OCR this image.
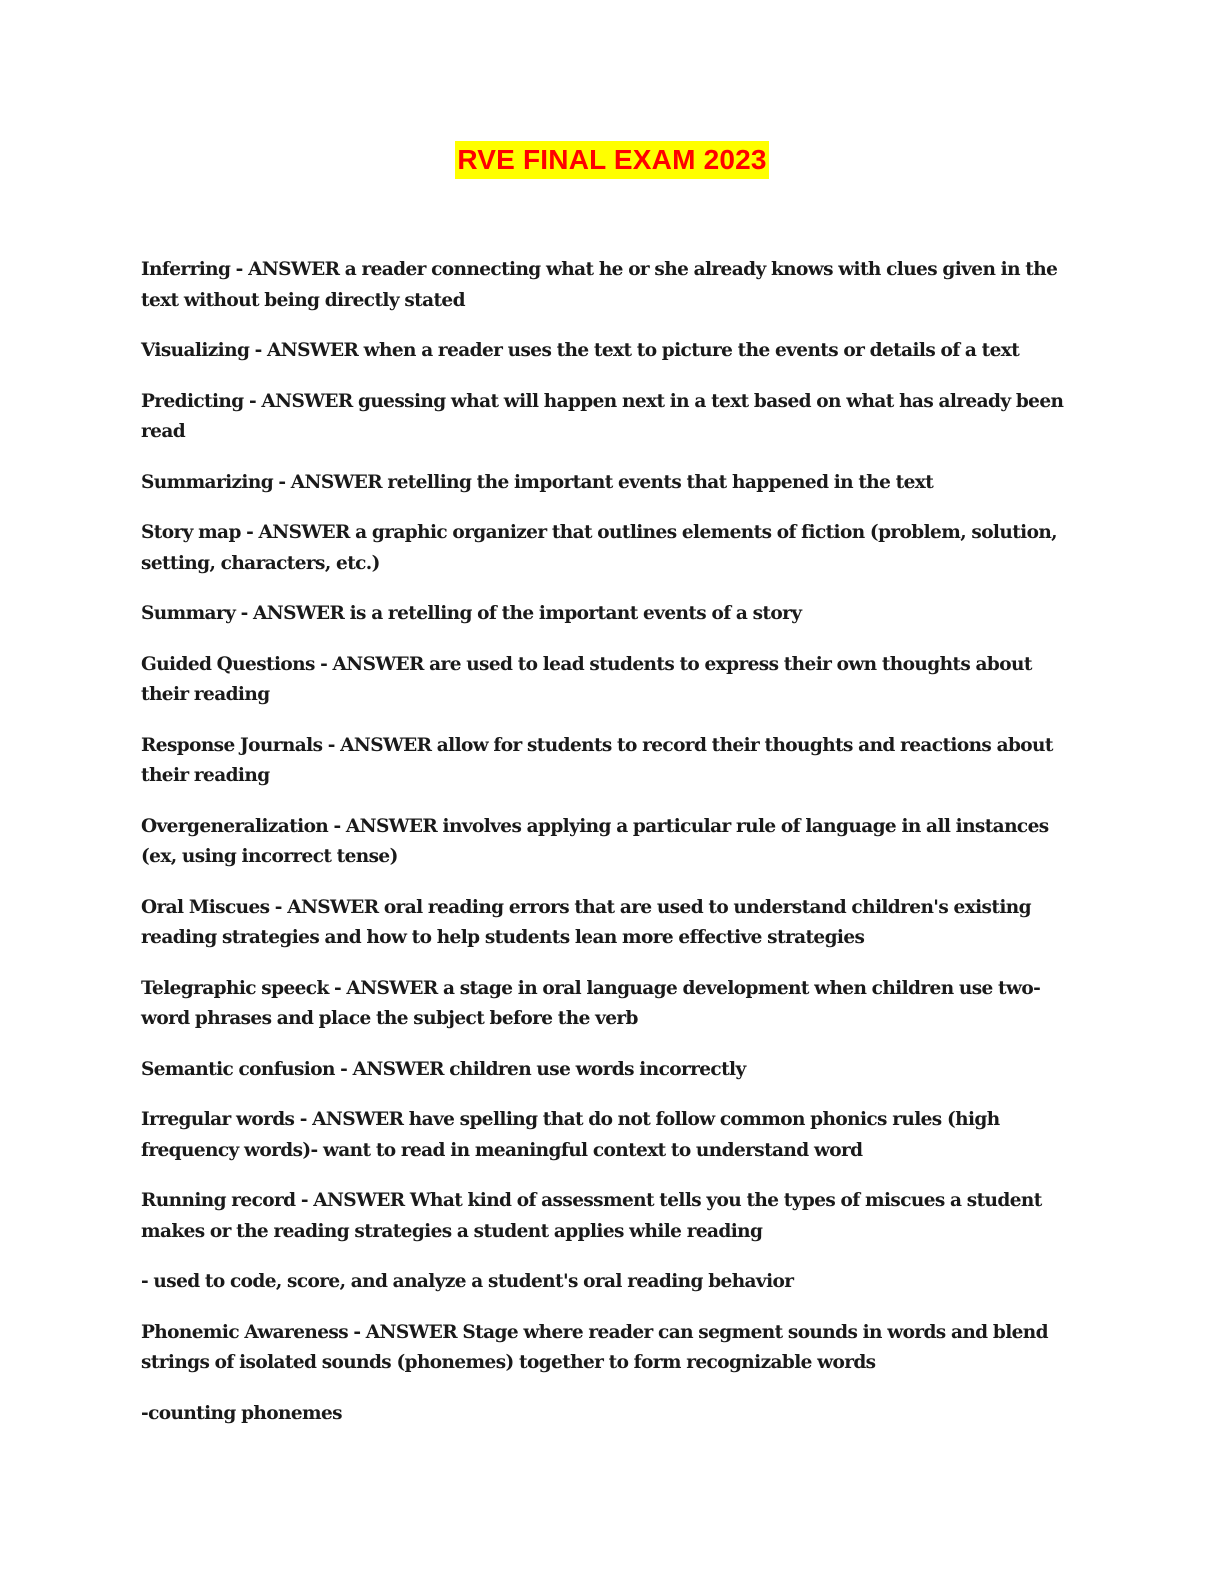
RVE FINAL EXAM 2023

Inferring - ANSWER a reader connecting what he or she already knows with clues given in the text without being directly stated

Visualizing - ANSWER when a reader uses the text to picture the events or details of a text

Predicting - ANSWER guessing what will happen next in a text based on what has already been read

Summarizing - ANSWER retelling the important events that happened in the text

Story map - ANSWER a graphic organizer that outlines elements of fiction (problem, solution, setting, characters, etc.)

Summary - ANSWER is a retelling of the important events of a story

Guided Questions - ANSWER are used to lead students to express their own thoughts about their reading

Response Journals - ANSWER allow for students to record their thoughts and reactions about their reading

Overgeneralization - ANSWER involves applying a particular rule of language in all instances (ex, using incorrect tense)

Oral Miscues - ANSWER oral reading errors that are used to understand children's existing reading strategies and how to help students lean more effective strategies

Telegraphic speeck - ANSWER a stage in oral language development when children use two-word phrases and place the subject before the verb

Semantic confusion - ANSWER children use words incorrectly

Irregular words - ANSWER have spelling that do not follow common phonics rules (high frequency words)- want to read in meaningful context to understand word

Running record - ANSWER What kind of assessment tells you the types of miscues a student makes or the reading strategies a student applies while reading

- used to code, score, and analyze a student's oral reading behavior

Phonemic Awareness - ANSWER Stage where reader can segment sounds in words and blend strings of isolated sounds (phonemes) together to form recognizable words

-counting phonemes
